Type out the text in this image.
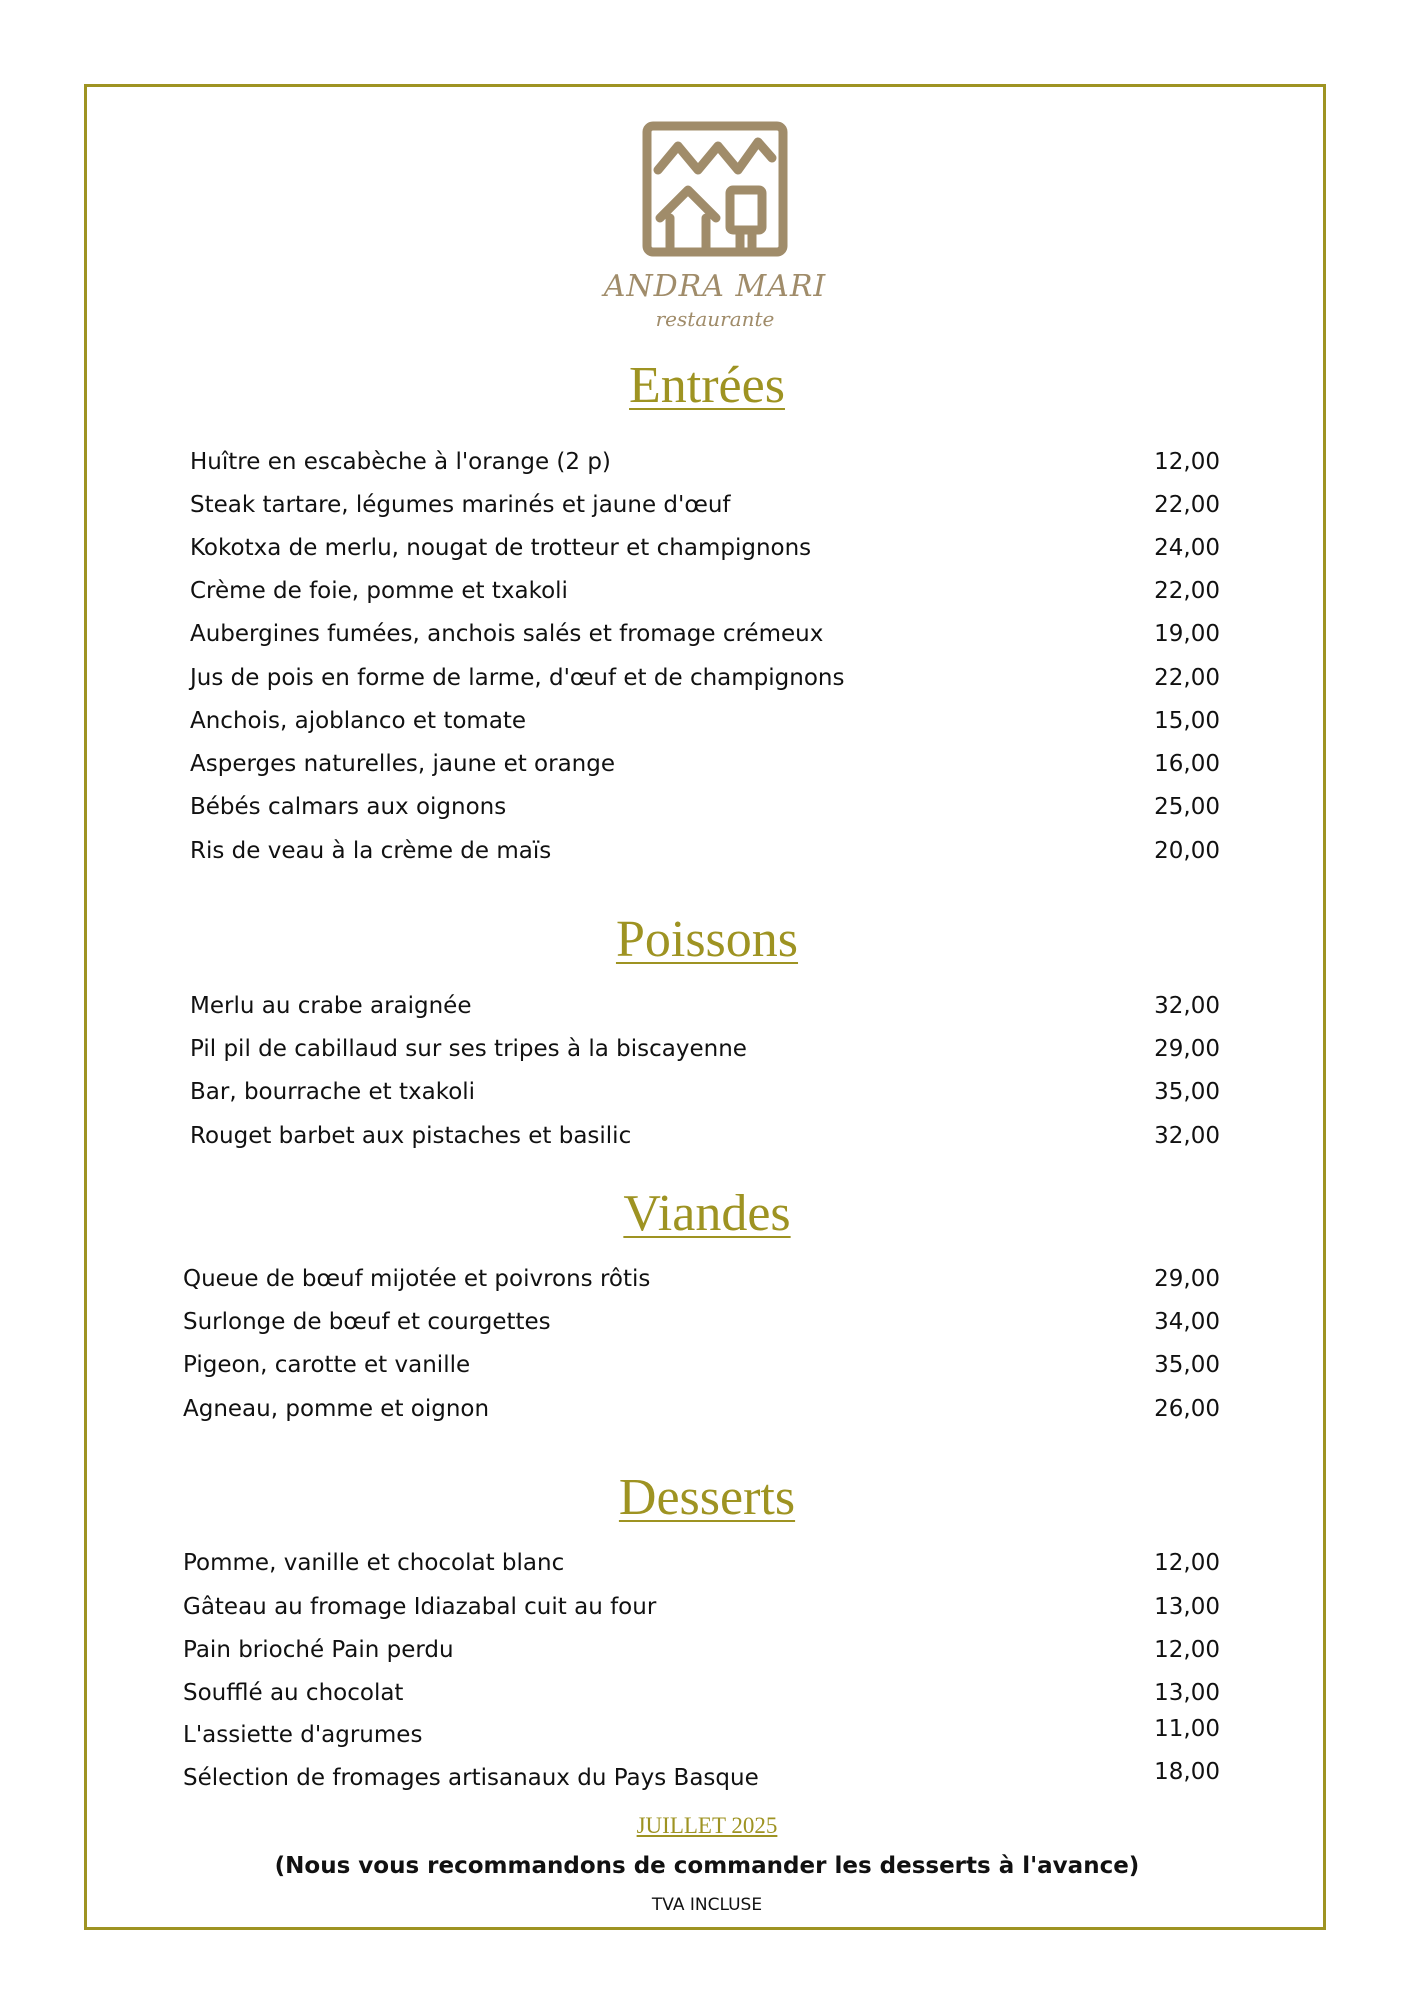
ANDRA MARI
restaurante
Entrées
Huître en escabèche à l'orange (2 p)	12,00
Steak tartare, légumes marinés et jaune d'œuf	22,00
Kokotxa de merlu, nougat de trotteur et champignons	24,00
Crème de foie, pomme et txakoli	22,00
Aubergines fumées, anchois salés et fromage crémeux	19,00
Jus de pois en forme de larme, d'œuf et de champignons	22,00
Anchois, ajoblanco et tomate	15,00
Asperges naturelles, jaune et orange	16,00
Bébés calmars aux oignons	25,00
Ris de veau à la crème de maïs	20,00
Poissons
Merlu au crabe araignée	32,00
Pil pil de cabillaud sur ses tripes à la biscayenne	29,00
Bar, bourrache et txakoli	35,00
Rouget barbet aux pistaches et basilic	32,00
Viandes
Queue de bœuf mijotée et poivrons rôtis	29,00
Surlonge de bœuf et courgettes	34,00
Pigeon, carotte et vanille	35,00
Agneau, pomme et oignon	26,00
Desserts
Pomme, vanille et chocolat blanc	12,00
Gâteau au fromage Idiazabal cuit au four	13,00
Pain brioché Pain perdu	12,00
Soufflé au chocolat	13,00
L'assiette d'agrumes	11,00
Sélection de fromages artisanaux du Pays Basque	18,00
JUILLET 2025
(Nous vous recommandons de commander les desserts à l'avance)
TVA INCLUSE
